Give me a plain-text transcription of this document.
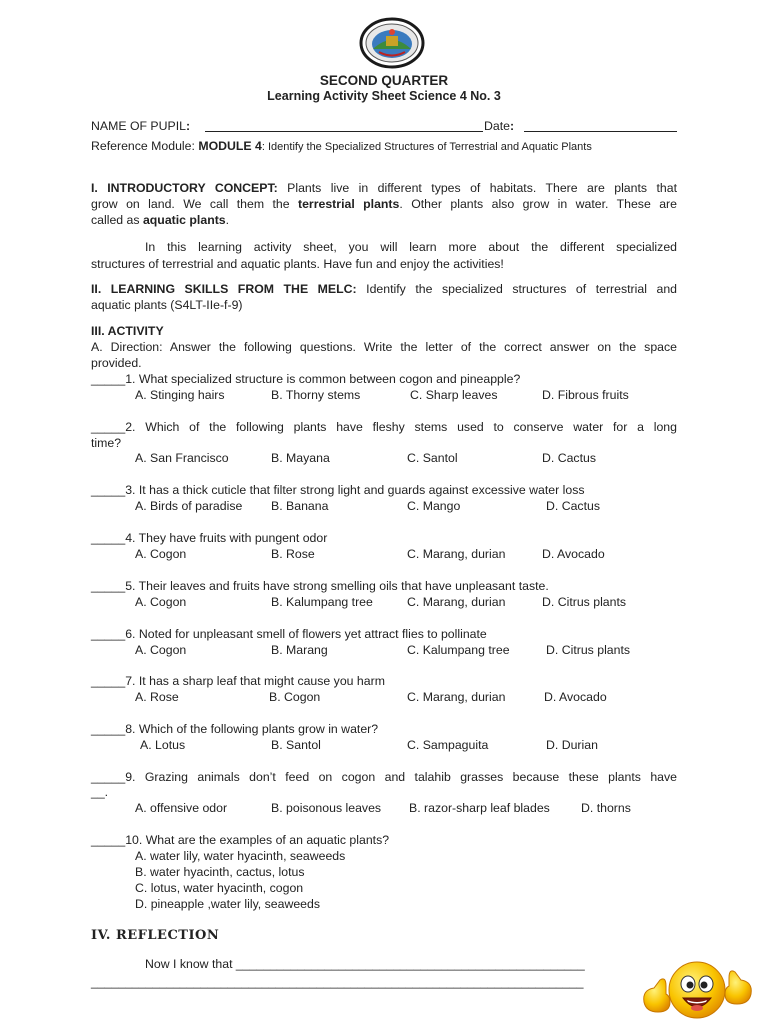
SECOND QUARTER
Learning Activity Sheet Science 4 No. 3
NAME OF PUPIL:	Date:
Reference Module: MODULE 4: Identify the Specialized Structures of Terrestrial and Aquatic Plants
I. INTRODUCTORY CONCEPT: Plants live in different types of habitats. There are plants that
grow on land. We call them the terrestrial plants. Other plants also grow in water. These are
called as aquatic plants.
In this learning activity sheet, you will learn more about the different specialized
structures of terrestrial and aquatic plants. Have fun and enjoy the activities!
II. LEARNING SKILLS FROM THE MELC: Identify the specialized structures of terrestrial and
aquatic plants (S4LT-IIe-f-9)
III. ACTIVITY
A. Direction: Answer the following questions. Write the letter of the correct answer on the space
provided.
_____1. What specialized structure is common between cogon and pineapple?
A. Stinging hairs	B. Thorny stems	C. Sharp leaves	D. Fibrous fruits
_____2. Which of the following plants have fleshy stems used to conserve water for a long
time?
A. San Francisco	B. Mayana	C. Santol	D. Cactus
_____3. It has a thick cuticle that filter strong light and guards against excessive water loss
A. Birds of paradise B. Banana	C. Mango	D. Cactus
_____4. They have fruits with pungent odor
A. Cogon	B. Rose	C. Marang, durian	D. Avocado
_____5. Their leaves and fruits have strong smelling oils that have unpleasant taste.
A. Cogon	B. Kalumpang tree	C. Marang, durian	D. Citrus plants
_____6. Noted for unpleasant smell of flowers yet attract flies to pollinate
A. Cogon	B. Marang	C. Kalumpang tree	D. Citrus plants
_____7. It has a sharp leaf that might cause you harm
A. Rose	B. Cogon	C. Marang, durian	D. Avocado
_____8. Which of the following plants grow in water?
A. Lotus	B. Santol	C. Sampaguita	D. Durian
_____9. Grazing animals don’t feed on cogon and talahib grasses because these plants have
__.
A. offensive odor	B. poisonous leaves B. razor-sharp leaf blades	D. thorns
_____10. What are the examples of an aquatic plants?
A. water lily, water hyacinth, seaweeds
B. water hyacinth, cactus, lotus
C. lotus, water hyacinth, cogon
D. pineapple ,water lily, seaweeds
IV. REFLECTION
Now I know that ___________________________________________________
________________________________________________________________________
